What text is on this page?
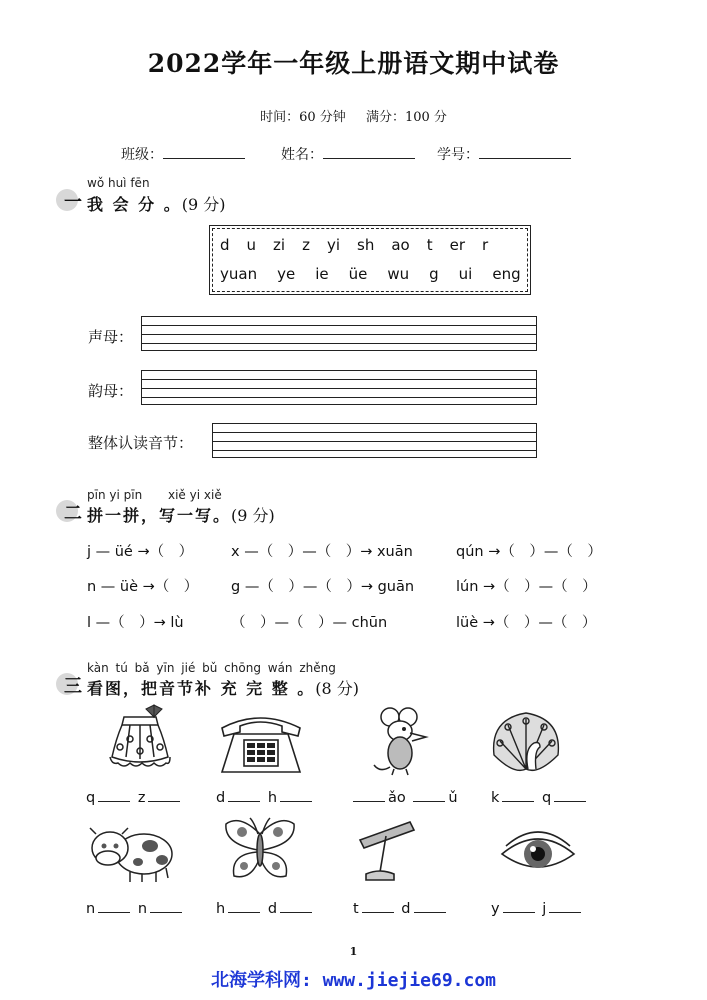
2022学年一年级上册语文期中试卷
时间：60 分钟 满分：100 分
班级：	姓名：	学号：
wǒ huì fēn
一 我 会 分 。(9 分)
d u zi z yi sh ao t er r
yuan ye ie üe wu g ui eng
声母：
韵母：
整体认读音节：
pīn yi pīn xiě yi xiě
二 拼一拼，写一写。(9 分)
j — üé →（　）	x —（　）—（　）→ xuān	qún →（　）—（　）
n — üè →（　） g —（　）—（　）→ guān	lún →（　）—（　）
l —（　）→ lù	（　）—（　）— chūn	lüè →（　）—（　）
kàn tú bǎ yīn jié bǔ chōng wán zhěng
三 看图，把音节补 充 完 整 。(8 分)
q	z	d	h	ǎo	ǔ k	q
n	n	h	d	t	d	y	j
1
北海学科网: www.jiejie69.com
